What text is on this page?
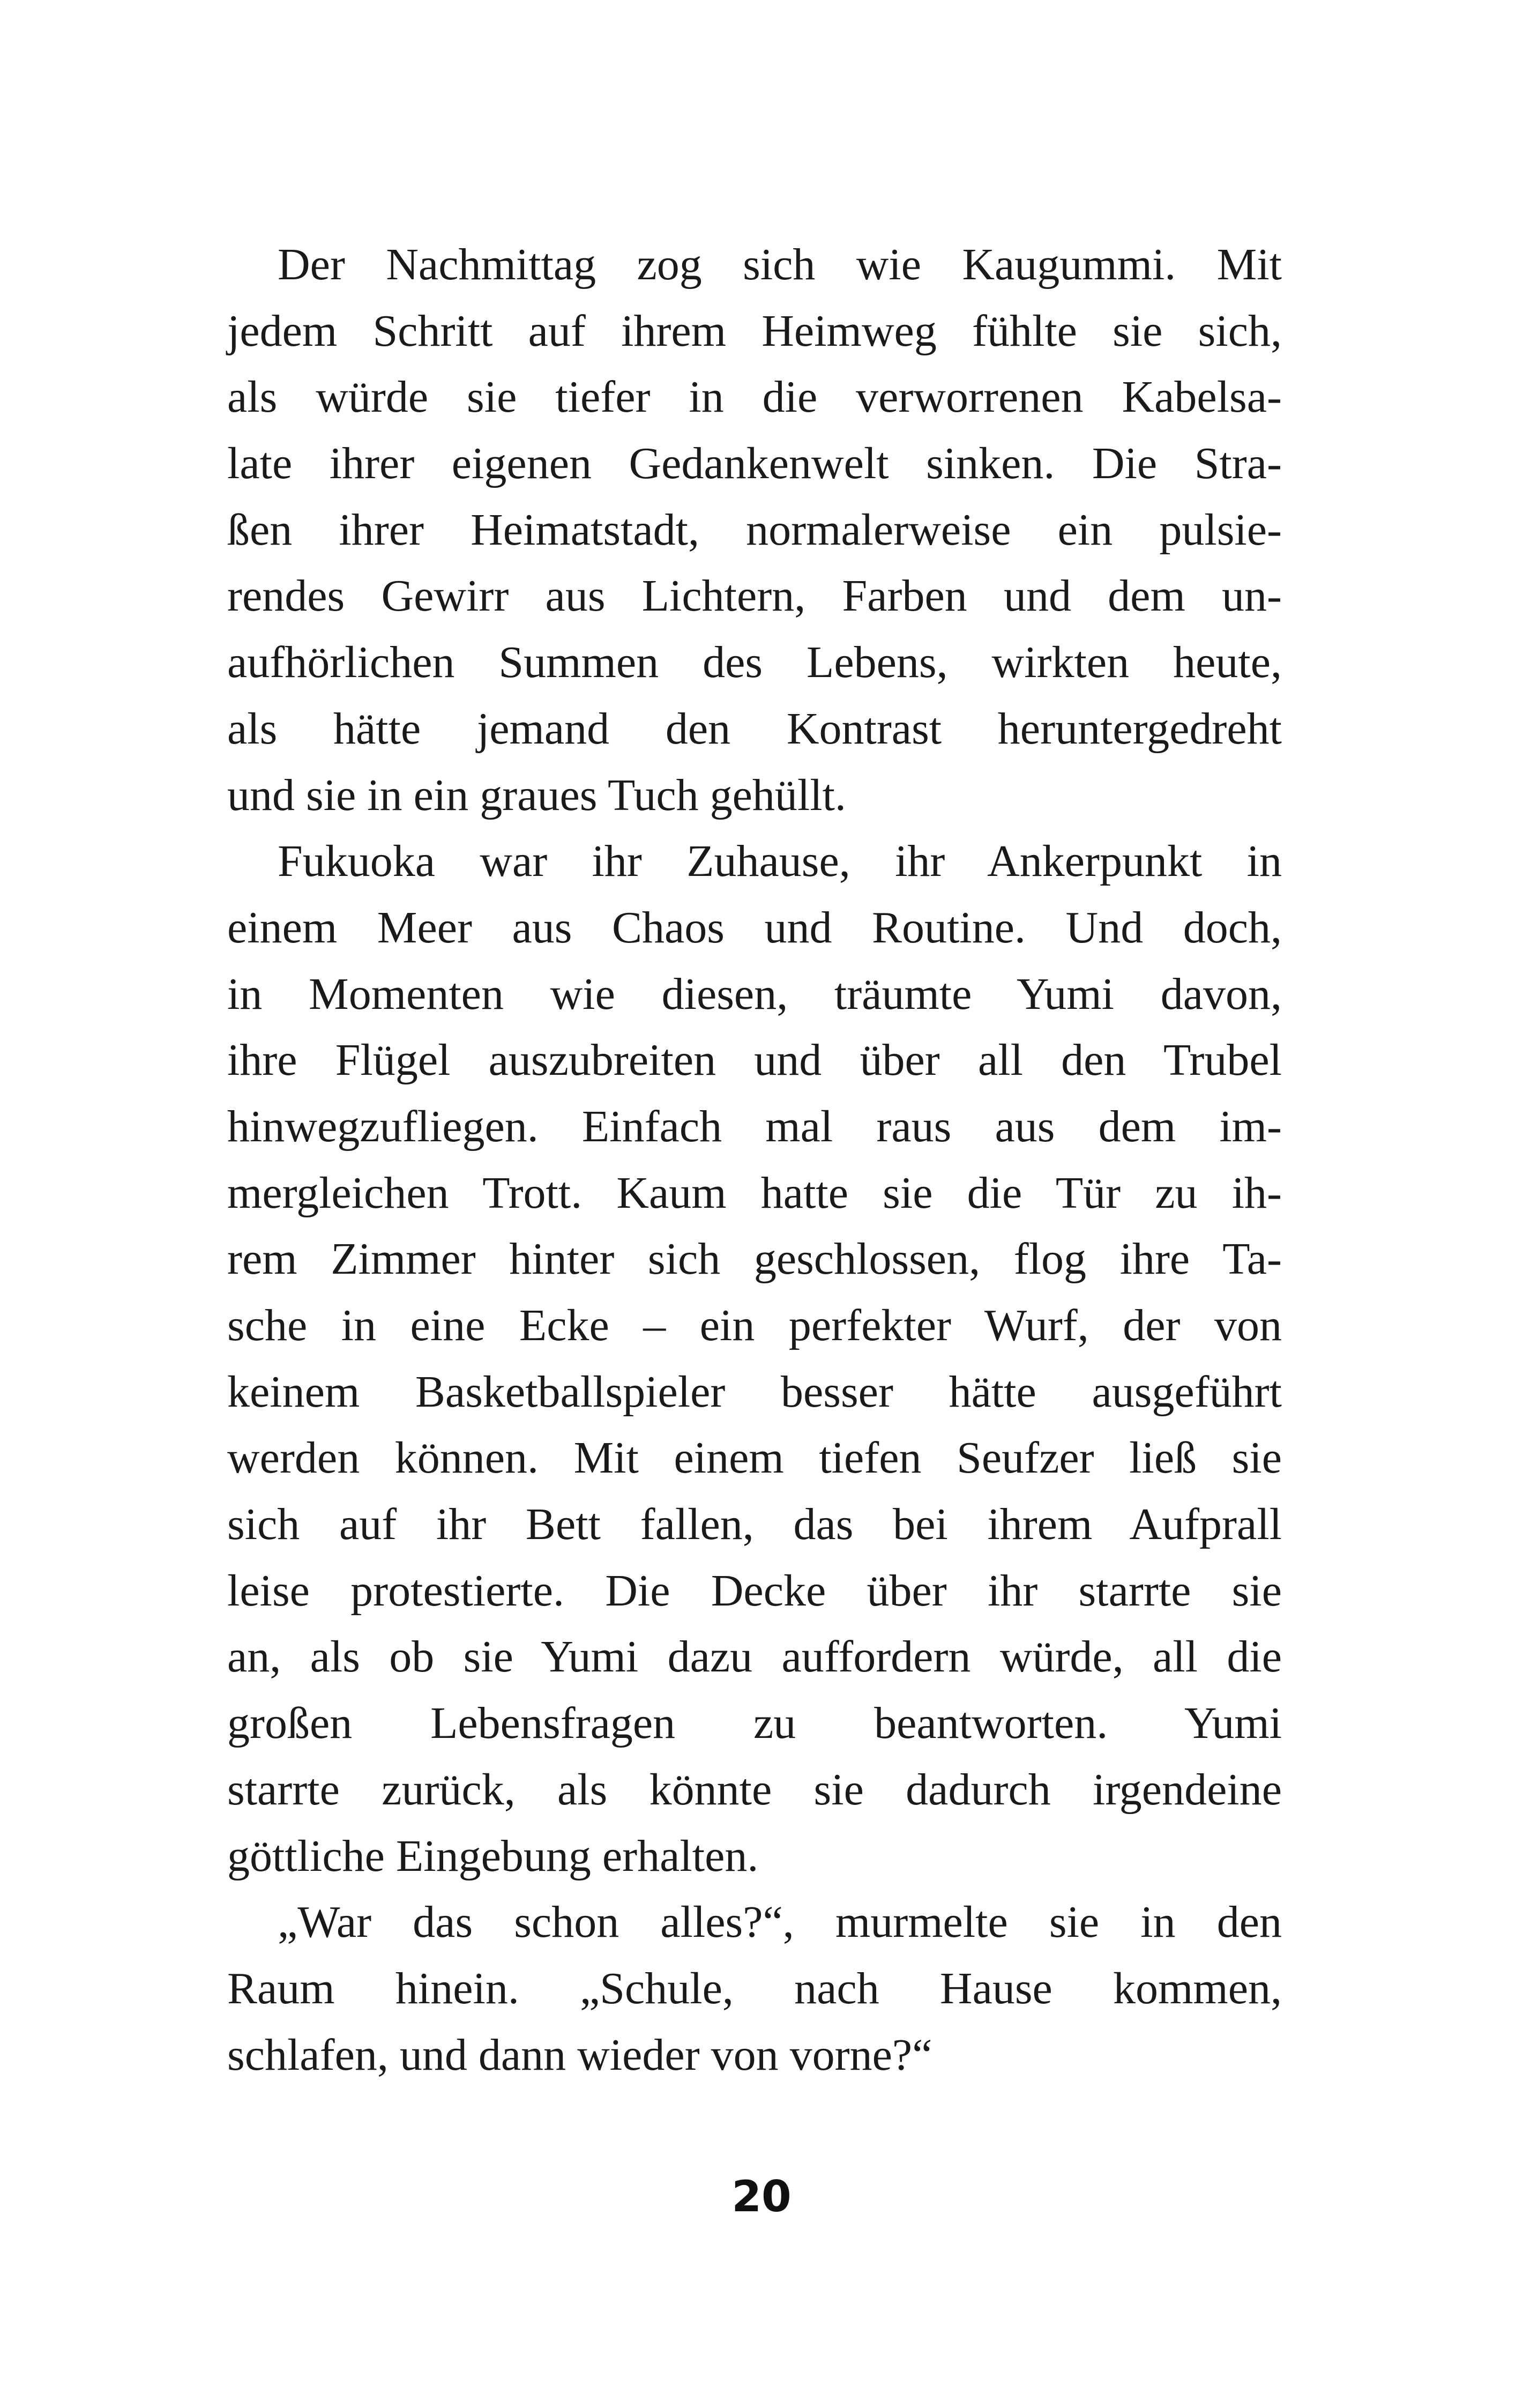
Der Nachmittag zog sich wie Kaugummi. Mit
jedem Schritt auf ihrem Heimweg fühlte sie sich,
als würde sie tiefer in die verworrenen Kabelsa-
late ihrer eigenen Gedankenwelt sinken. Die Stra-
ßen ihrer Heimatstadt, normalerweise ein pulsie-
rendes Gewirr aus Lichtern, Farben und dem un-
aufhörlichen Summen des Lebens, wirkten heute,
als hätte jemand den Kontrast heruntergedreht
und sie in ein graues Tuch gehüllt.
Fukuoka war ihr Zuhause, ihr Ankerpunkt in
einem Meer aus Chaos und Routine. Und doch,
in Momenten wie diesen, träumte Yumi davon,
ihre Flügel auszubreiten und über all den Trubel
hinwegzufliegen. Einfach mal raus aus dem im-
mergleichen Trott. Kaum hatte sie die Tür zu ih-
rem Zimmer hinter sich geschlossen, flog ihre Ta-
sche in eine Ecke – ein perfekter Wurf, der von
keinem Basketballspieler besser hätte ausgeführt
werden können. Mit einem tiefen Seufzer ließ sie
sich auf ihr Bett fallen, das bei ihrem Aufprall
leise protestierte. Die Decke über ihr starrte sie
an, als ob sie Yumi dazu auffordern würde, all die
großen Lebensfragen zu beantworten. Yumi
starrte zurück, als könnte sie dadurch irgendeine
göttliche Eingebung erhalten.
„War das schon alles?“, murmelte sie in den
Raum hinein. „Schule, nach Hause kommen,
schlafen, und dann wieder von vorne?“
20
